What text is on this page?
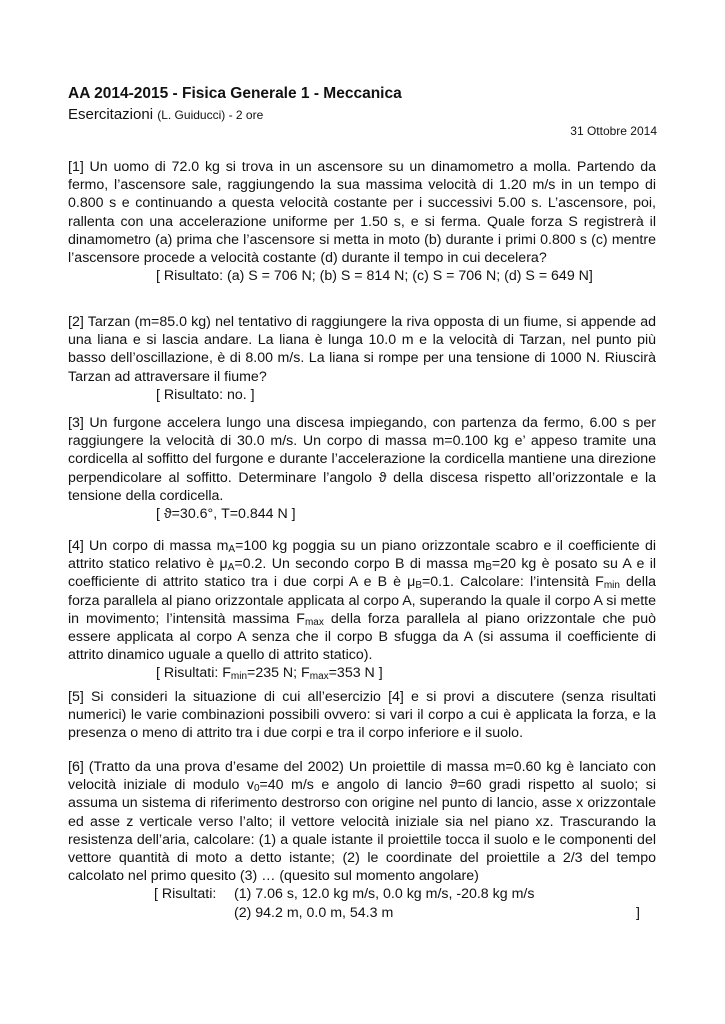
AA 2014-2015 - Fisica Generale 1 - Meccanica
Esercitazioni (L. Guiducci) - 2 ore
31 Ottobre 2014
[1] Un uomo di 72.0 kg si trova in un ascensore su un dinamometro a molla. Partendo da fermo, l’ascensore sale, raggiungendo la sua massima velocità di 1.20 m/s in un tempo di 0.800 s e continuando a questa velocità costante per i successivi 5.00 s. L’ascensore, poi, rallenta con una accelerazione uniforme per 1.50 s, e si ferma. Quale forza S registrerà il dinamometro (a) prima che l’ascensore si metta in moto (b) durante i primi 0.800 s (c) mentre l’ascensore procede a velocità costante (d) durante il tempo in cui decelera?
[ Risultato: (a) S = 706 N; (b) S = 814 N; (c) S = 706 N; (d) S = 649 N]
[2] Tarzan (m=85.0 kg) nel tentativo di raggiungere la riva opposta di un fiume, si appende ad una liana e si lascia andare. La liana è lunga 10.0 m e la velocità di Tarzan, nel punto più basso dell’oscillazione, è di 8.00 m/s. La liana si rompe per una tensione di 1000 N. Riuscirà Tarzan ad attraversare il fiume?
[ Risultato: no. ]
[3] Un furgone accelera lungo una discesa impiegando, con partenza da fermo, 6.00 s per raggiungere la velocità di 30.0 m/s. Un corpo di massa m=0.100 kg e’ appeso tramite una cordicella al soffitto del furgone e durante l’accelerazione la cordicella mantiene una direzione perpendicolare al soffitto. Determinare l’angolo ϑ della discesa rispetto all’orizzontale e la tensione della cordicella.
[ ϑ=30.6°, T=0.844 N ]
[4] Un corpo di massa $m_A=100$ kg poggia su un piano orizzontale scabro e il coefficiente di attrito statico relativo è $\mu_A=0.2$. Un secondo corpo B di massa $m_B=20$ kg è posato su A e il coefficiente di attrito statico tra i due corpi A e B è $\mu_B=0.1$. Calcolare: l’intensità $F_{min}$ della forza parallela al piano orizzontale applicata al corpo A, superando la quale il corpo A si mette in movimento; l’intensità massima $F_{max}$ della forza parallela al piano orizzontale che può essere applicata al corpo A senza che il corpo B sfugga da A (si assuma il coefficiente di attrito dinamico uguale a quello di attrito statico).
[ Risultati: $F_{min}=235$ N; $F_{max}=353$ N ]
[5] Si consideri la situazione di cui all’esercizio [4] e si provi a discutere (senza risultati numerici) le varie combinazioni possibili ovvero: si vari il corpo a cui è applicata la forza, e la presenza o meno di attrito tra i due corpi e tra il corpo inferiore e il suolo.
[6] (Tratto da una prova d’esame del 2002) Un proiettile di massa m=0.60 kg è lanciato con velocità iniziale di modulo $v_0=40$ m/s e angolo di lancio ϑ=60 gradi rispetto al suolo; si assuma un sistema di riferimento destrorso con origine nel punto di lancio, asse x orizzontale ed asse z verticale verso l’alto; il vettore velocità iniziale sia nel piano xz. Trascurando la resistenza dell’aria, calcolare: (1) a quale istante il proiettile tocca il suolo e le componenti del vettore quantità di moto a detto istante; (2) le coordinate del proiettile a 2/3 del tempo calcolato nel primo quesito (3) … (quesito sul momento angolare)
[ Risultati:	(1) 7.06 s, 12.0 kg m/s, 0.0 kg m/s, -20.8 kg m/s
(2) 94.2 m, 0.0 m, 54.3 m	]
